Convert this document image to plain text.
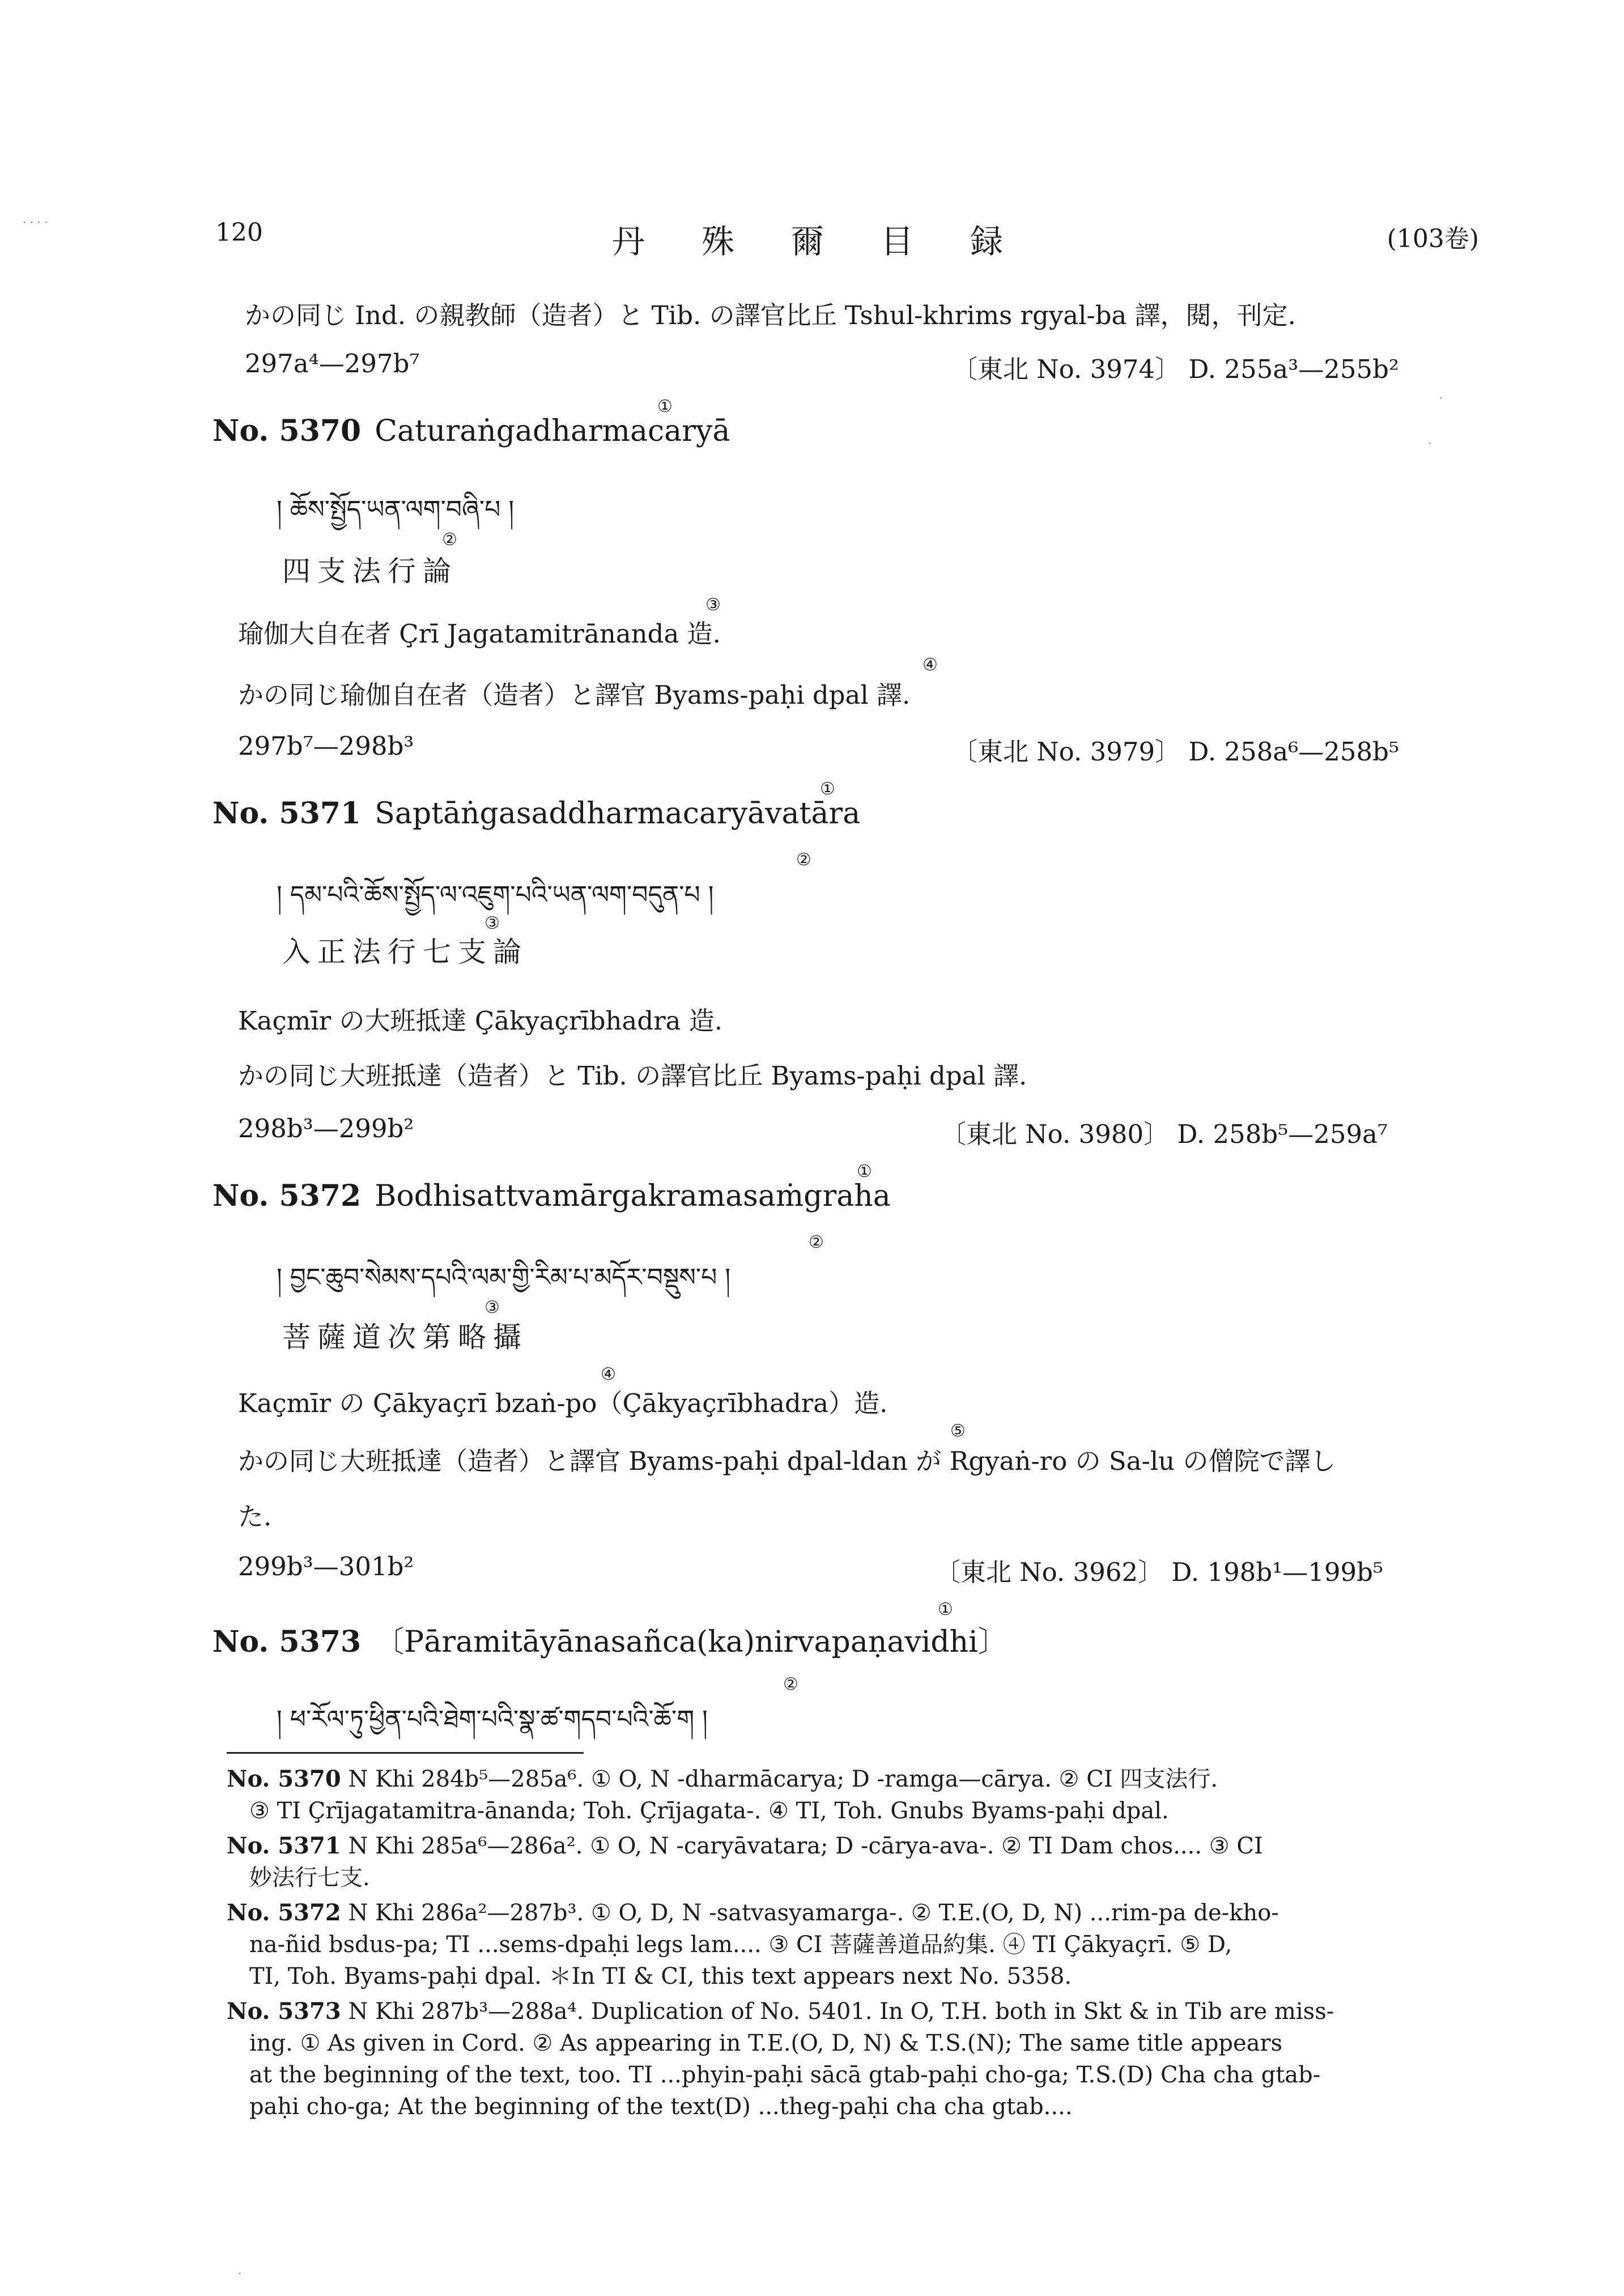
120	丹殊爾目録	(103卷)
かの同じ Ind. の親教師（造者）と Tib. の譯官比丘 Tshul-khrims rgyal-ba 譯，閱，刊定.
297a⁴—297b⁷	〔東北 No. 3974〕 D. 255a³—255b²
No. 5370 Caturaṅgadharmacaryā
①
། ཆོས་སྤྱོད་ཡན་ལག་བཞི་པ །
四支法行論
②
瑜伽大自在者 Çrī Jagatamitrānanda 造.
③
かの同じ瑜伽自在者（造者）と譯官 Byams-paḥi dpal 譯.
④
297b⁷—298b³	〔東北 No. 3979〕 D. 258a⁶—258b⁵
No. 5371 Saptāṅgasaddharmacaryāvatāra
①
། དམ་པའི་ཆོས་སྤྱོད་ལ་འཇུག་པའི་ཡན་ལག་བདུན་པ །
②
入正法行七支論
③
Kaçmīr の大班抵達 Çākyaçrībhadra 造.
かの同じ大班抵達（造者）と Tib. の譯官比丘 Byams-paḥi dpal 譯.
298b³—299b²	〔東北 No. 3980〕 D. 258b⁵—259a⁷
No. 5372 Bodhisattvamārgakramasaṁgraha
①
། བྱང་ཆུབ་སེམས་དཔའི་ལམ་གྱི་རིམ་པ་མདོར་བསྡུས་པ །
②
菩薩道次第略攝
③
Kaçmīr の Çākyaçrī bzaṅ-po（Çākyaçrībhadra）造.
④
かの同じ大班抵達（造者）と譯官 Byams-paḥi dpal-ldan が Rgyaṅ-ro の Sa-lu の僧院で譯し
⑤
た.
299b³—301b²	〔東北 No. 3962〕 D. 198b¹—199b⁵
No. 5373 〔Pāramitāyānasañca(ka)nirvapaṇavidhi〕
①
། ཕ་རོལ་ཏུ་ཕྱིན་པའི་ཐེག་པའི་སྣ་ཚ་གདབ་པའི་ཆོ་ག །
②
No. 5370 N Khi 284b⁵—285a⁶. ① O, N -dharmācarya; D -ramga—cārya. ② CI 四支法行.
③ TI Çrījagatamitra-ānanda; Toh. Çrījagata-. ④ TI, Toh. Gnubs Byams-paḥi dpal.
No. 5371 N Khi 285a⁶—286a². ① O, N -caryāvatara; D -cārya-ava-. ② TI Dam chos.... ③ CI
妙法行七支.
No. 5372 N Khi 286a²—287b³. ① O, D, N -satvasyamarga-. ② T.E.(O, D, N) ...rim-pa de-kho-
na-ñid bsdus-pa; TI ...sems-dpaḥi legs lam.... ③ CI 菩薩善道品約集. ④ TI Çākyaçrī. ⑤ D,
TI, Toh. Byams-paḥi dpal. ＊In TI & CI, this text appears next No. 5358.
No. 5373 N Khi 287b³—288a⁴. Duplication of No. 5401. In O, T.H. both in Skt & in Tib are miss-
ing. ① As given in Cord. ② As appearing in T.E.(O, D, N) & T.S.(N); The same title appears
at the beginning of the text, too. TI ...phyin-paḥi sācā gtab-paḥi cho-ga; T.S.(D) Cha cha gtab-
paḥi cho-ga; At the beginning of the text(D) ...theg-paḥi cha cha gtab....
· · · ·
·
·
·
